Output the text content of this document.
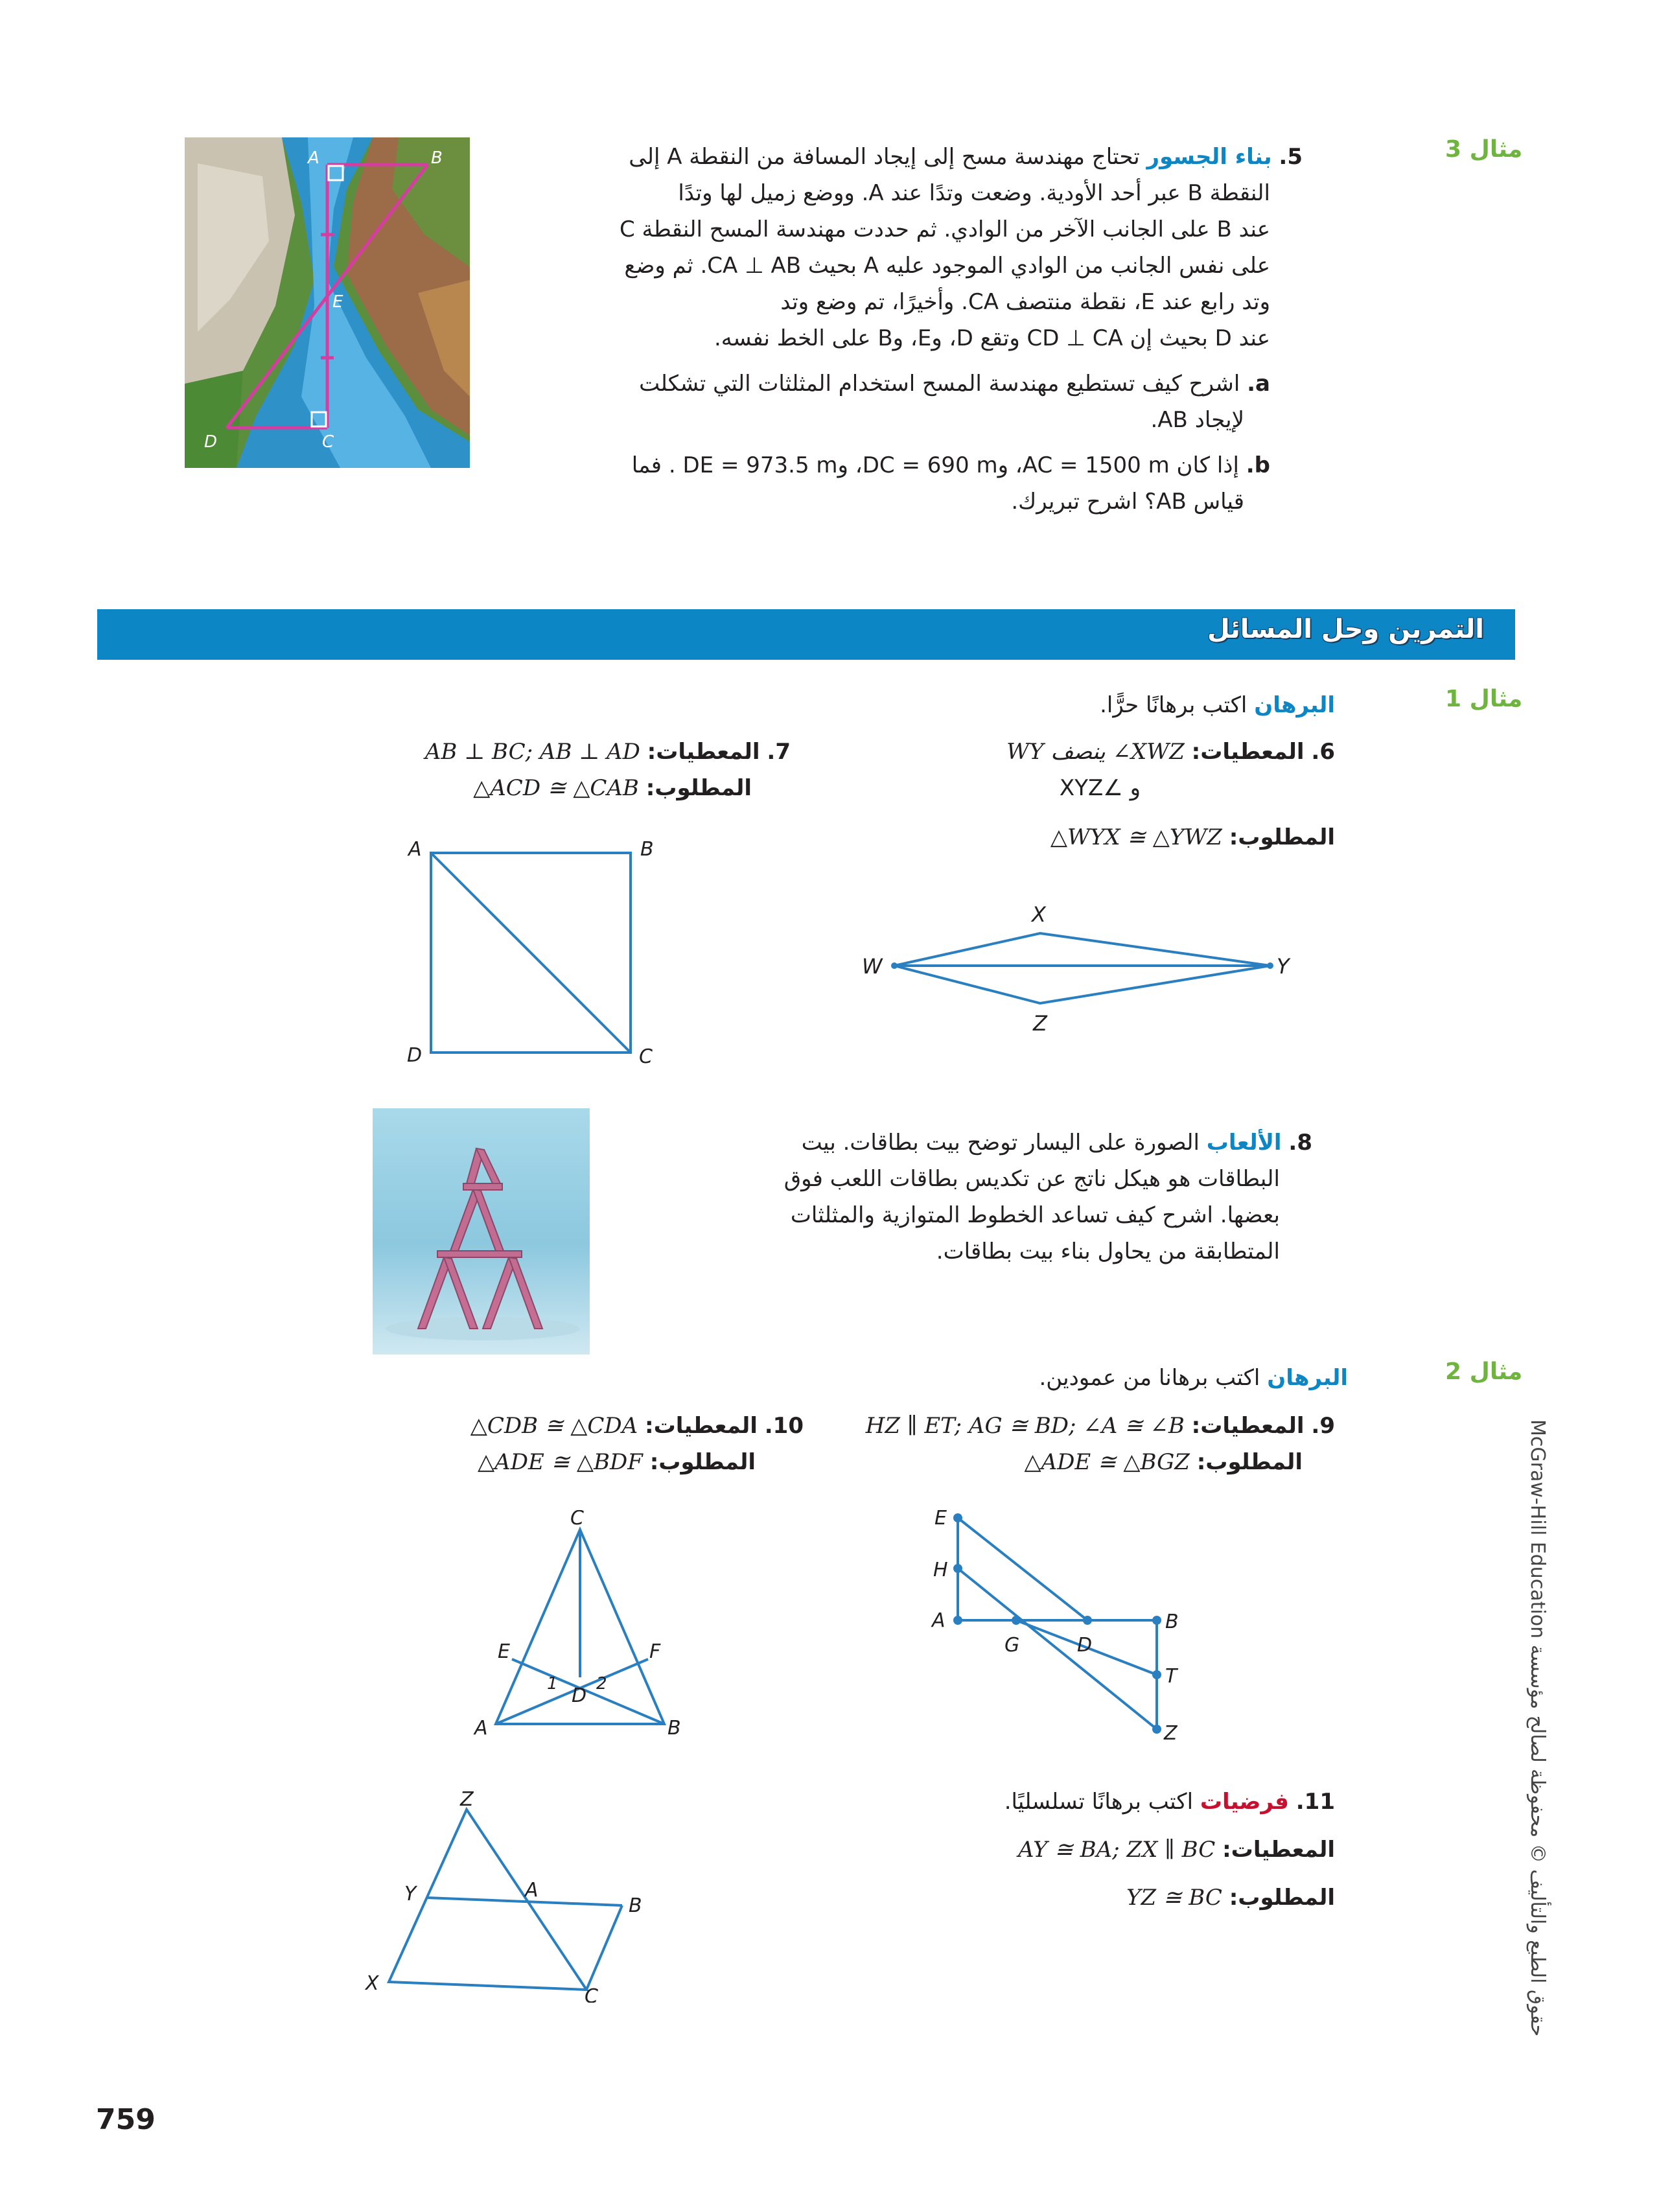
مثال 3
A	B
E
D	C
5. بناء الجسور تحتاج مهندسة مسح إلى إيجاد المسافة من النقطة A إلى
النقطة B عبر أحد الأودية. وضعت وتدًا عند A. ووضع زميل لها وتدًا
عند B على الجانب الآخر من الوادي. ثم حددت مهندسة المسح النقطة C
على نفس الجانب من الوادي الموجود عليه A بحيث CA ⊥ AB. ثم وضع
وتد رابع عند E، نقطة منتصف CA. وأخيرًا، تم وضع وتد
عند D بحيث إن CD ⊥ CA وتقع D، وE، وB على الخط نفسه.
a. اشرح كيف تستطيع مهندسة المسح استخدام المثلثات التي تشكلت
لإيجاد AB.
b. إذا كان AC = 1500 m، وDC = 690 m، وDE = 973.5 m . فما
قياس AB؟ اشرح تبريرك.
التمرين وحل المسائل
مثال 1
البرهان اكتب برهانًا حرًّا.
6. المعطيات: WY ينصف ∠XWZ
و ∠XYZ
المطلوب: △WYX ≅ △YWZ
X
W	Y
Z
7. المعطيات: AB ⊥ BC; AB ⊥ AD
المطلوب: △ACD ≅ △CAB
A	B
D	C
8. الألعاب الصورة على اليسار توضح بيت بطاقات. بيت
البطاقات هو هيكل ناتج عن تكديس بطاقات اللعب فوق
بعضها. اشرح كيف تساعد الخطوط المتوازية والمثلثات
المتطابقة من يحاول بناء بيت بطاقات.
مثال 2
البرهان اكتب برهانا من عمودين.
9. المعطيات: HZ ∥ ET; AG ≅ BD; ∠A ≅ ∠B
المطلوب: △ADE ≅ △BGZ
E
H
A
G	D
B
T
Z
10. المعطيات: △CDB ≅ △CDA
المطلوب: △ADE ≅ △BDF
C
E	F
D
A	B
1 2
11. فرضيات اكتب برهانًا تسلسليًا.
المعطيات: AY ≅ BA; ZX ∥ BC
المطلوب: YZ ≅ BC
Z
Y	A
B
X
C
McGraw-Hill Education حقوق الطبع والتأليف © محفوظة لصالح مؤسسة
759
